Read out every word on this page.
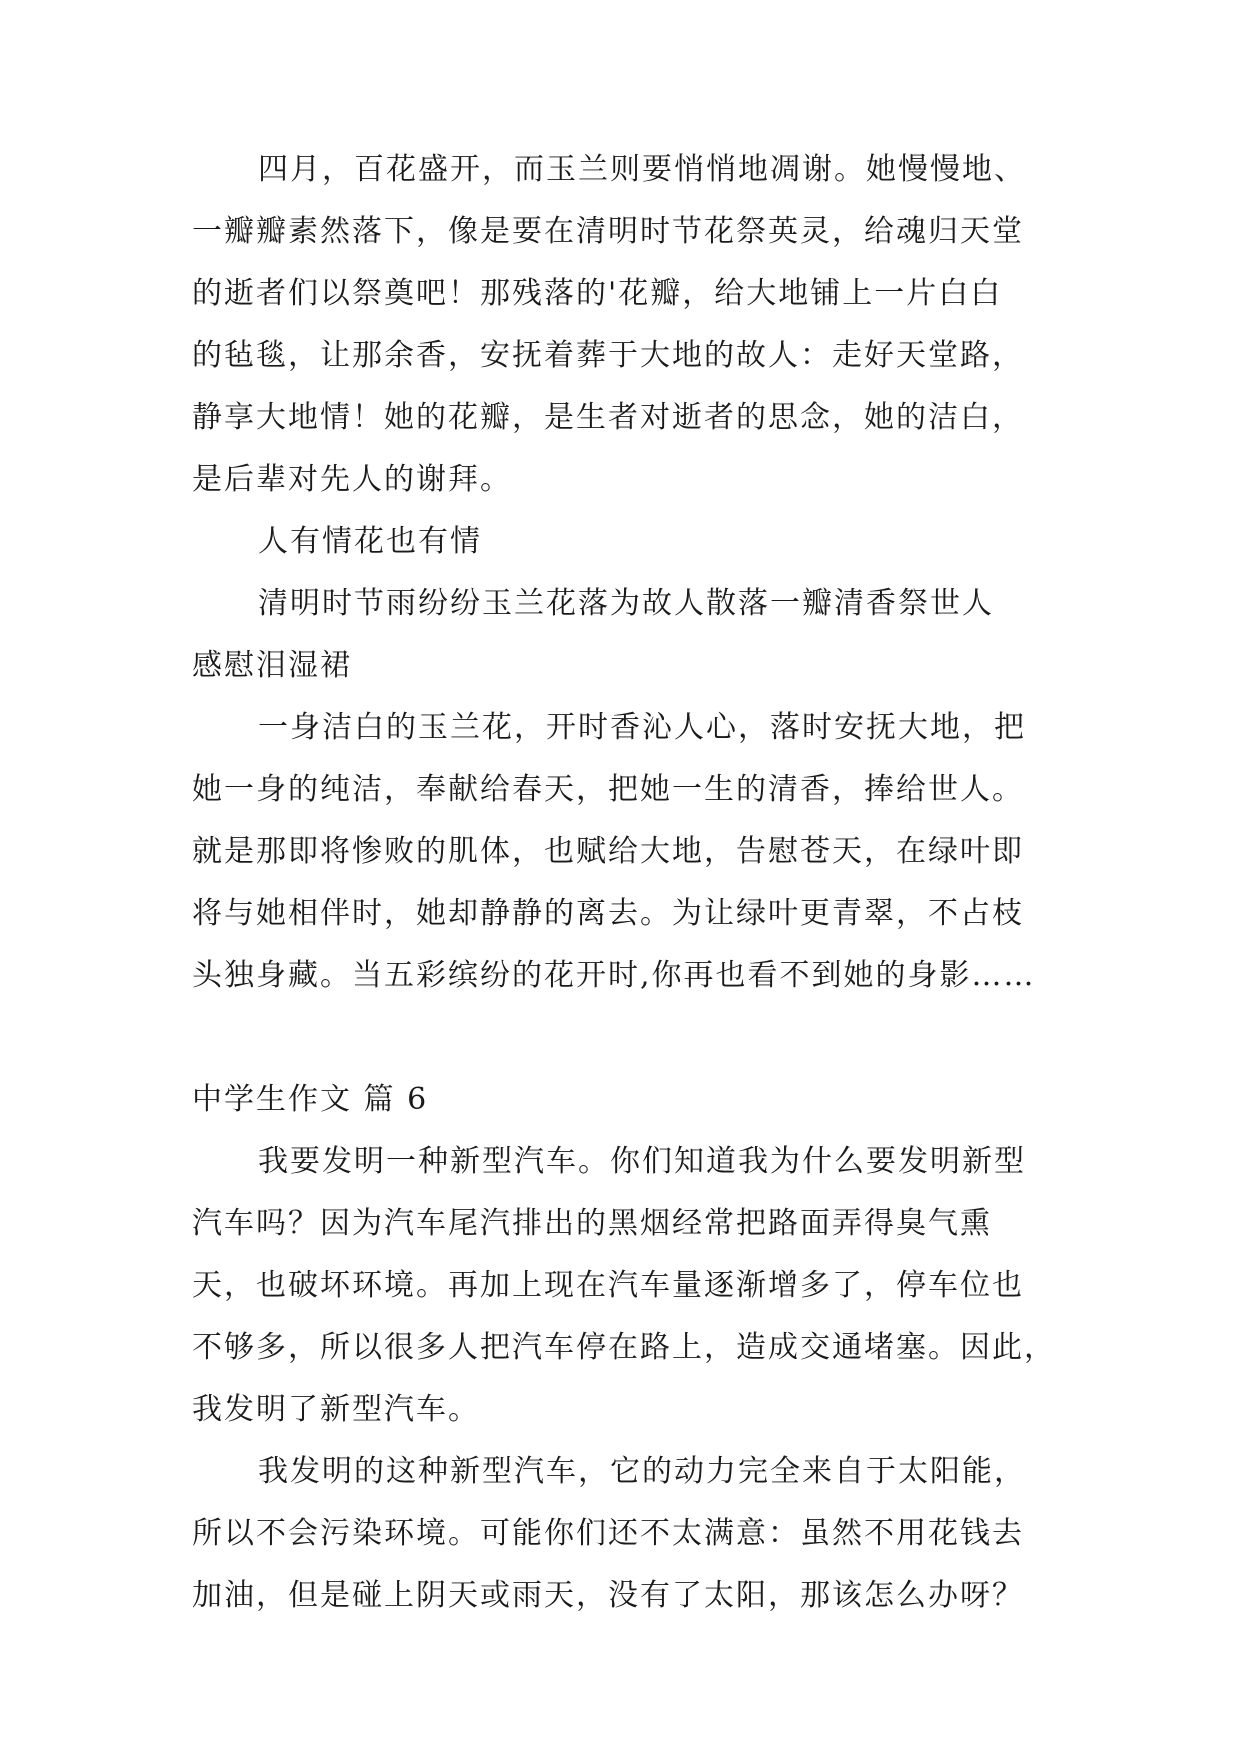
四月，百花盛开，而玉兰则要悄悄地凋谢。她慢慢地、
一瓣瓣素然落下，像是要在清明时节花祭英灵，给魂归天堂
的逝者们以祭奠吧！那残落的'花瓣，给大地铺上一片白白
的毡毯，让那余香，安抚着葬于大地的故人：走好天堂路，
静享大地情！她的花瓣，是生者对逝者的思念，她的洁白，
是后辈对先人的谢拜。
人有情花也有情
清明时节雨纷纷玉兰花落为故人散落一瓣清香祭世人
感慰泪湿裙
一身洁白的玉兰花，开时香沁人心，落时安抚大地，把
她一身的纯洁，奉献给春天，把她一生的清香，捧给世人。
就是那即将惨败的肌体，也赋给大地，告慰苍天，在绿叶即
将与她相伴时，她却静静的离去。为让绿叶更青翠，不占枝
头独身藏。当五彩缤纷的花开时,你再也看不到她的身影……
中学生作文 篇 6
我要发明一种新型汽车。你们知道我为什么要发明新型
汽车吗？因为汽车尾汽排出的黑烟经常把路面弄得臭气熏
天，也破坏环境。再加上现在汽车量逐渐增多了，停车位也
不够多，所以很多人把汽车停在路上，造成交通堵塞。因此，
我发明了新型汽车。
我发明的这种新型汽车，它的动力完全来自于太阳能，
所以不会污染环境。可能你们还不太满意：虽然不用花钱去
加油，但是碰上阴天或雨天，没有了太阳，那该怎么办呀？
